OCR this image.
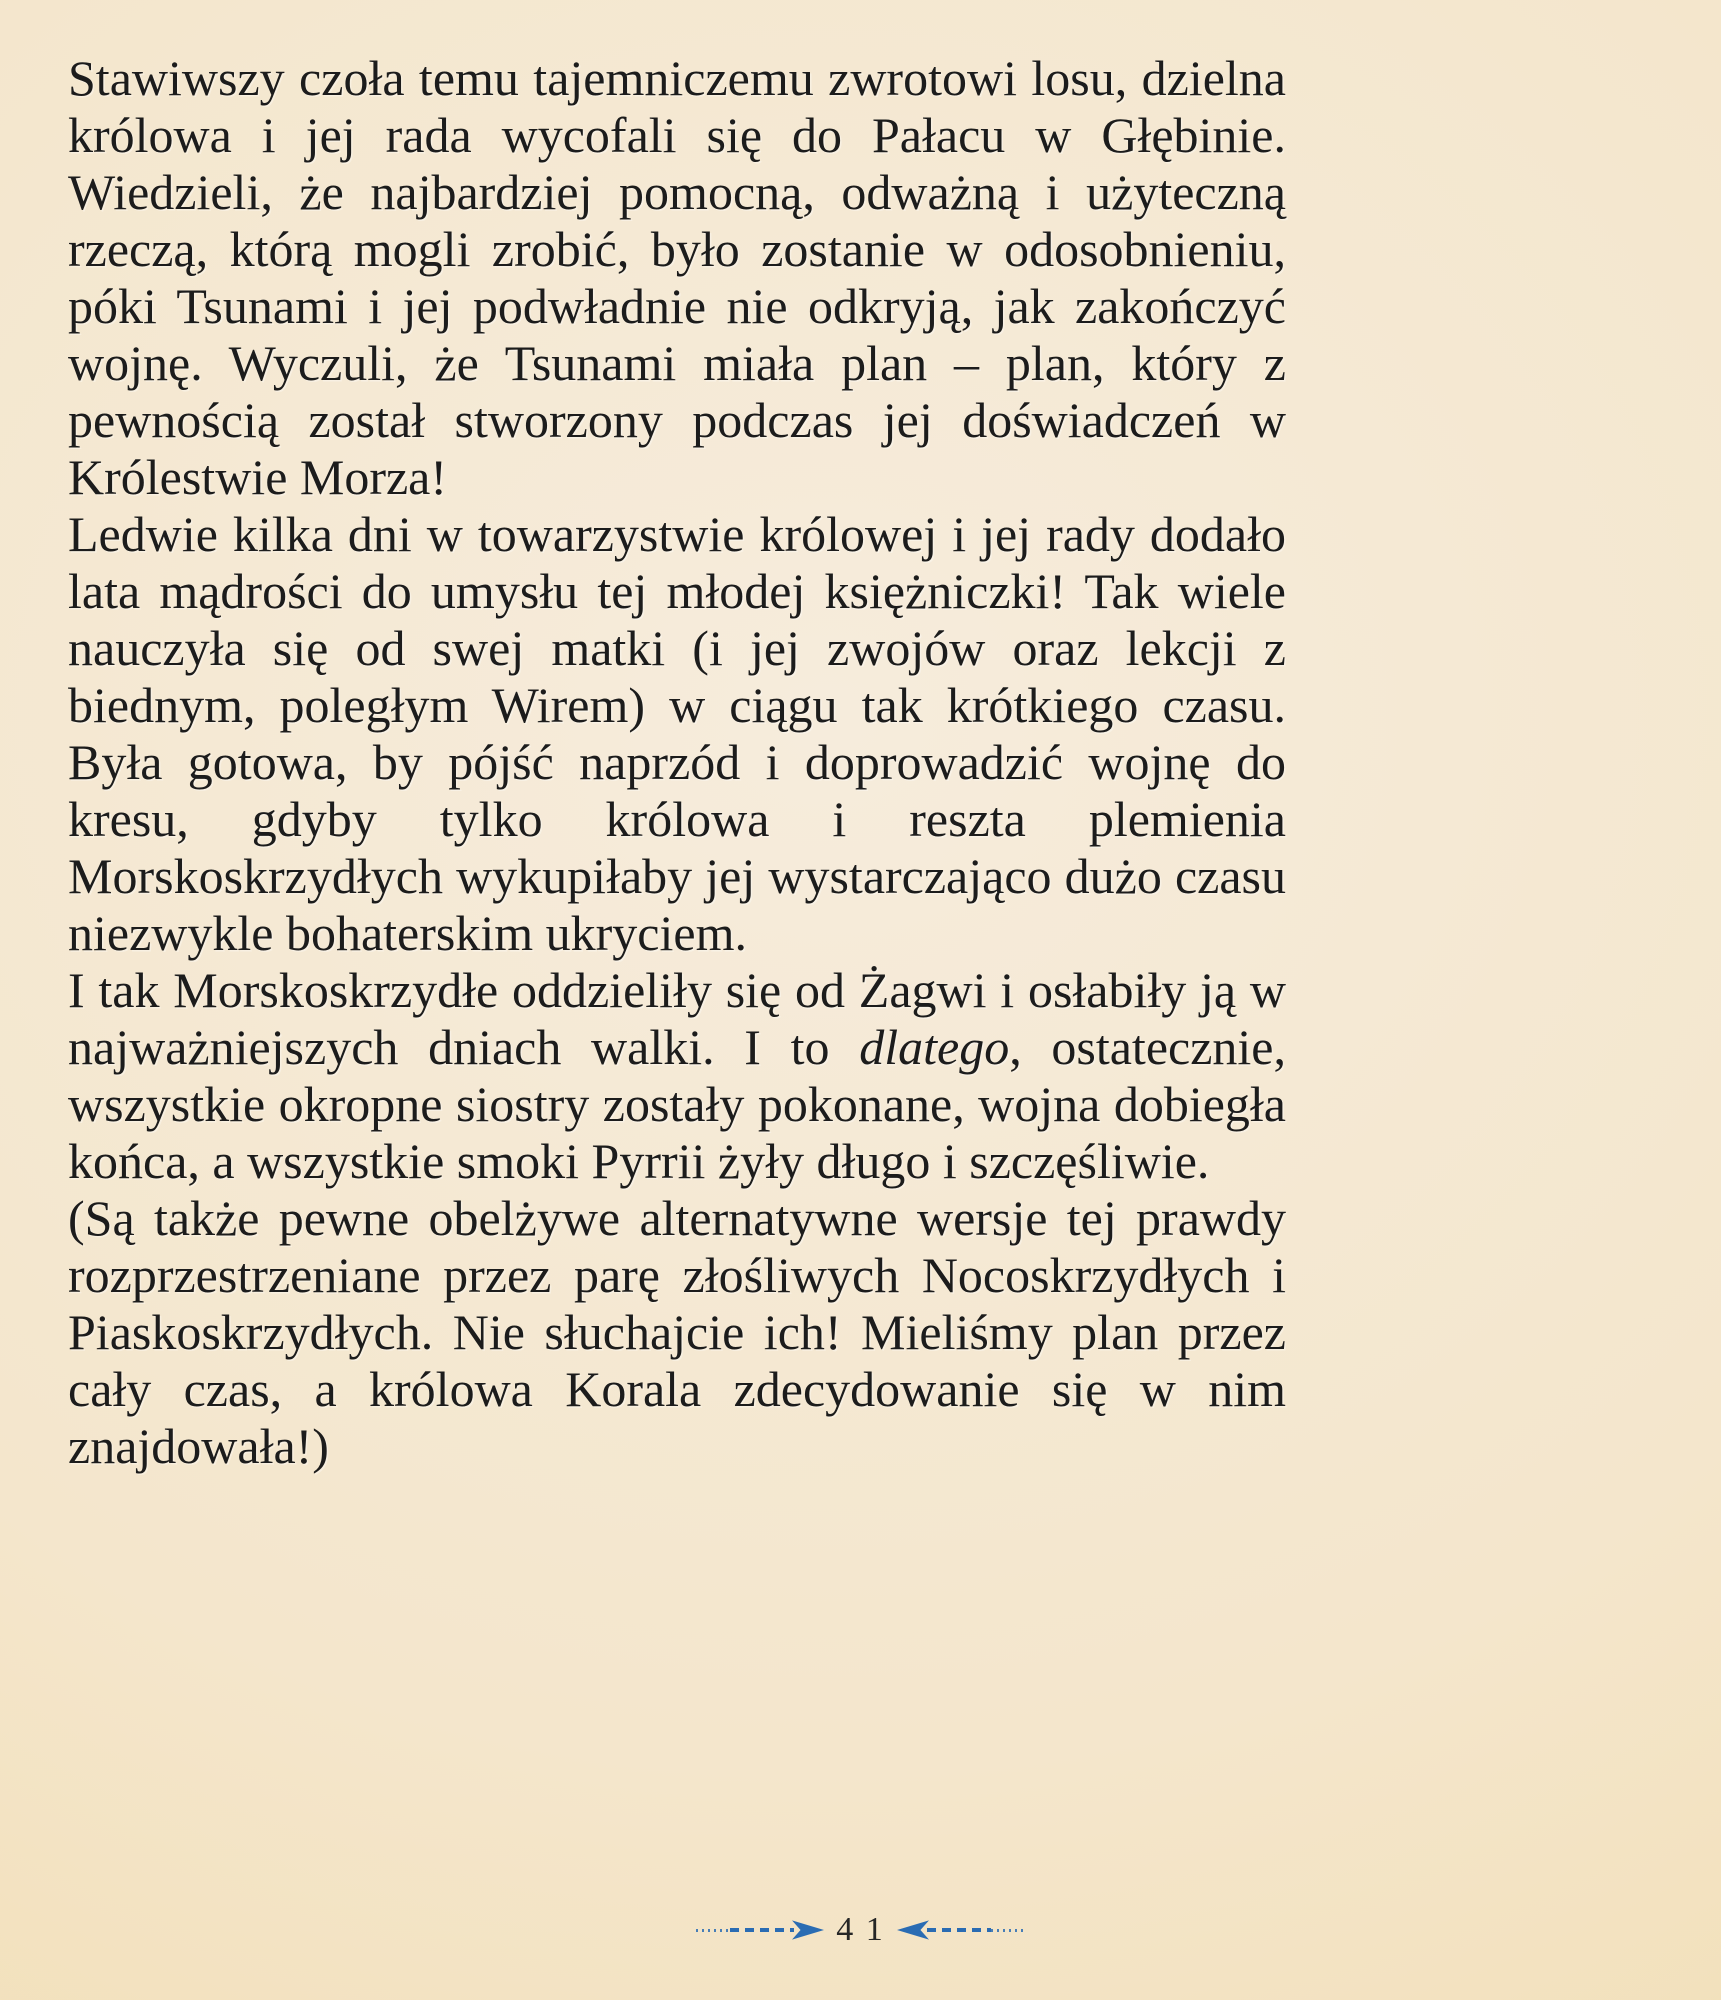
Stawiwszy czoła temu tajemniczemu zwrotowi losu, dzielna królowa i jej rada wycofali się do Pałacu w Głębinie. Wiedzieli, że najbardziej pomocną, odważną i użyteczną rzeczą, którą mogli zrobić, było zostanie w odosobnieniu, póki Tsunami i jej podwładnie nie odkryją, jak zakończyć wojnę. Wyczuli, że Tsunami miała plan – plan, który z pewnością został stworzony podczas jej doświadczeń w Królestwie Morza!

Ledwie kilka dni w towarzystwie królowej i jej rady dodało lata mądrości do umysłu tej młodej księżniczki! Tak wiele nauczyła się od swej matki (i jej zwojów oraz lekcji z biednym, poległym Wirem) w ciągu tak krótkiego czasu. Była gotowa, by pójść naprzód i doprowadzić wojnę do kresu, gdyby tylko królowa i reszta plemienia Morskoskrzydłych wykupiłaby jej wystarczająco dużo czasu niezwykle bohaterskim ukryciem.

I tak Morskoskrzydłe oddzieliły się od Żagwi i osłabiły ją w najważniejszych dniach walki. I to dlatego, ostatecznie, wszystkie okropne siostry zostały pokonane, wojna dobiegła końca, a wszystkie smoki Pyrrii żyły długo i szczęśliwie.

(Są także pewne obelżywe alternatywne wersje tej prawdy rozprzestrzeniane przez parę złośliwych Nocoskrzydłych i Piaskoskrzydłych. Nie słuchajcie ich! Mieliśmy plan przez cały czas, a królowa Korala zdecydowanie się w nim znajdowała!)

4 1
